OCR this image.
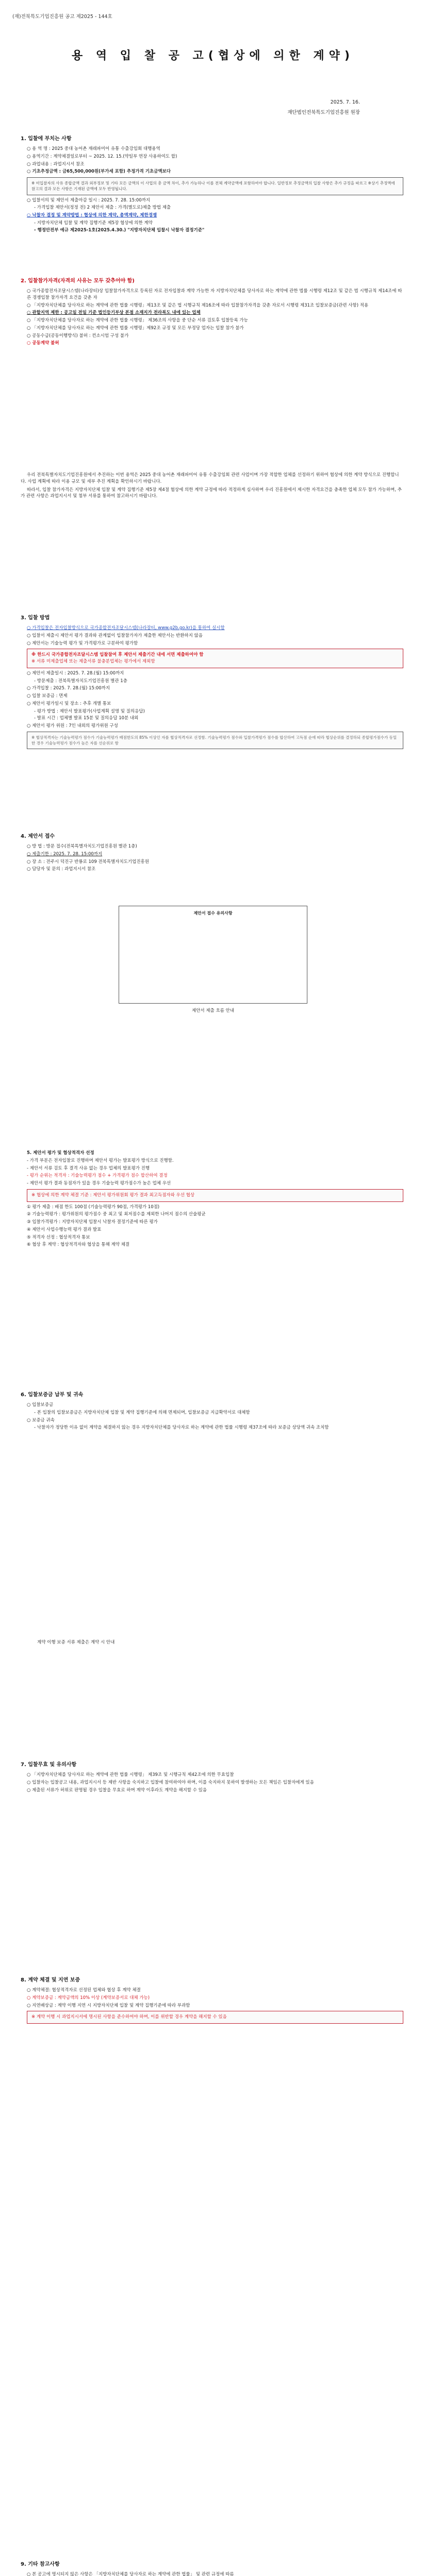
(재)전북특도기업진흥원 공고 제2025 - 144호
용 역 입 찰 공 고(협상에 의한 계약)
2025. 7. 16.
재단법인전북특도기업진흥원 원장
1. 입찰에 부치는 사항
○ 용 역 명 : 2025 중대 농어촌 재래파미어 유통 수출강임회 대행용역
○ 용역기간 : 계약체결일로부터 ~ 2025. 12. 15.(약일부 연장 사용하여도 합)
○ 과업내용 : 과업지시서 참조
○ 기초추정금액 : 금65,500,000원(부가세 포함) 추정가격 기초금액보다
※ 미입찰자의 사유 종합금액 결과 외부정보 및 기타 모든 금액의 이 사업의 총 금액 차이, 추가 가능하나 이를 전체 계약금액에 포함하여야 합니다. 일반정보 추정금액의 입찰 사항은 추가 규정을 따르고 ※상기 추정액에 참고의 결과 모든 사항은 기재된 금액에 모두 반영됩니다.
○ 입찰서의 및 제안서 제출마감 일시 : 2025. 7. 28. 15:00까지
- 가격입찰 제안서(정정 전) 2 제안서 제출 : 가격(별도로)제출 방법 제출
○ 낙찰자 결정 및 계약방법 : 협상에 의한 계약, 총액계약, 제한경쟁
- 지방자치단체 입찰 및 계약 집행기준 제5장 협상에 의한 계약
- 행정안전부 예규 제2025-1호(2025.4.30.) "지방자치단체 입찰시 낙찰자 결정기준"
2. 입찰참가자격(자격의 사유는 모두 갖추어야 함)
○ 국가종합전자조달시스템(나라장터)상 입찰참가자격으로 등록된 자로 전자입찰과 계약 가능한 자 지방자치단체를 당사자로 하는 계약에 관한 법률 시행령 제12조 및 같은 법 시행규칙 제14조에 따른 경쟁입찰 참가자격 요건을 갖춘 자
○ 「지방자치단체를 당사자로 하는 계약에 관한 법률 시행령」제13조 및 같은 법 시행규칙 제16조에 따라 입찰참가자격을 갖춘 자로서 시행령 제31조 입찰보증금(관련 사항) 적용
○ 관할지역 제한 : 공고일 전일 기준 법인등기부상 본점 소재지가 전라북도 내에 있는 업체
○ 「지방자치단체를 당사자로 하는 계약에 관한 법률 시행령」 제36조의 사항을 중 단순 서류 검토후 입찰등록 가능
○ 「지방자치단체를 당사자로 하는 계약에 관한 법률 시행령」제92조 규정 및 모든 부정당 업자는 입찰 참가 불가
○ 공동수급(공동이행방식) 불허 : 컨소시엄 구성 불가
○ 공동계약 불허

우리 전북특별자치도기업진흥원에서 추진하는 이번 용역은 2025 중대 농어촌 재래파미어 유통 수출강임회 관련 사업이며 가장 적합한 업체를 선정하기 위하여 협상에 의한 계약 방식으로 진행합니다. 사업 계획에 따라 이용 규모 및 세부 추진 계획을 확인하시기 바랍니다.

따라서, 입찰 참가자격은 지방자치단체 입찰 및 계약 집행기준 제5장 제4절 협상에 의한 계약 규정에 따라 적정하게 심사하며 우리 진흥원에서 제시한 자격요건을 충족한 업체 모두 참가 가능하며, 추가 관련 사항은 과업지시서 및 첨부 서류를 통하여 참고하시기 바랍니다.

3. 입찰 방법
○ 가격입찰은 전자입찰방식으로 국가종합전자조달시스템(나라장터, www.g2b.go.kr)을 통하여 실시함
○ 입찰서 제출시 제안서 평가 결과와 관계없이 입찰참가자가 제출한 제안서는 반환하지 않음
○ 제안서는 기술능력 평가 및 가격평가로 구분하여 평가함
※ 한드시 국가종합전자조달시스템 입찰참여 후 제안서 제출기간 내에 서면 제출하여야 함
※ 서류 미제출업체 또는 제출서류 불충분업체는 평가에서 제외함
○ 제안서 제출일시 : 2025. 7. 28.(월) 15:00까지
- 방문제출 : 전북특별자치도기업진흥원 별관 1층
○ 가격입찰 : 2025. 7. 28.(월) 15:00까지
○ 입찰 보증금 : 면제
○ 제안서 평가일시 및 장소 : 추후 개별 통보
- 평가 방법 : 제안서 발표평가(사업계획 설명 및 질의응답)
- 발표 시간 : 업체별 발표 15분 및 질의응답 10분 내외
○ 제안서 평가 위원 : 7인 내외의 평가위원 구성
※ 협상적격자는 기술능력평가 점수가 기술능력평가 배점한도의 85% 이상인 자를 협상적격자로 선정함. 기술능력평가 점수와 입찰가격평가 점수를 합산하여 고득점 순에 따라 협상순위를 결정하되 종합평가점수가 동일한 경우 기술능력평가 점수가 높은 자를 선순위로 함
4. 제안서 접수
○ 방 법 : 방문 접수(전북특별자치도기업진흥원 별관 1층)
○ 제출기한 : 2025. 7. 28. 15:00까지
○ 장 소 : 전주시 덕진구 반룡로 109 전북특별자치도기업진흥원
○ 담당자 및 문의 : 과업지시서 참조
제안서 접수 유의사항
제안서 제출 흐름 안내
5. 제안서 평가 및 협상적격자 선정
- 가격 부분은 전자입찰로 진행하며 제안서 평가는 발표평가 방식으로 진행함.
- 제안서 서류 검토 후 결격 사유 없는 경우 업체의 발표평가 진행
- 평가 순위는 적격자 : 기술능력평가 점수 + 가격평가 점수 합산하여 결정
- 제안서 평가 결과 동점자가 있을 경우 기술능력 평가점수가 높은 업체 우선
※ 협상에 의한 계약 체결 기준 : 제안서 평가위원회 평가 결과 최고득점자와 우선 협상
① 평가 제출 : 배점 한도 100점 (기술능력평가 90점, 가격평가 10점)
② 기술능력평가 : 평가위원의 평가점수 중 최고 및 최저점수를 제외한 나머지 점수의 산술평균
③ 입찰가격평가 : 지방자치단체 입찰시 낙찰자 결정기준에 따른 평가
④ 제안서 사업수행능력 평가 결과 발표
⑤ 적격자 선정 : 협상적격자 통보
⑥ 협상 후 계약 : 협상적격자와 협상을 통해 계약 체결
6. 입찰보증금 납부 및 귀속
○ 입찰보증금
- 본 입찰의 입찰보증금은 지방자치단체 입찰 및 계약 집행기준에 의해 면제되며, 입찰보증금 지급확약서로 대체함
○ 보증금 귀속
- 낙찰자가 정당한 이유 없이 계약을 체결하지 않는 경우 지방자치단체를 당사자로 하는 계약에 관한 법률 시행령 제37조에 따라 보증금 상당액 귀속 조치함
계약 이행 보증 서류 제출은 계약 시 안내
7. 입찰무효 및 유의사항
○ 「지방자치단체를 당사자로 하는 계약에 관한 법률 시행령」 제39조 및 시행규칙 제42조에 의한 무효입찰
○ 입찰자는 입찰공고 내용, 과업지시서 등 제반 사항을 숙지하고 입찰에 참여하여야 하며, 이를 숙지하지 못하여 발생하는 모든 책임은 입찰자에게 있음
○ 제출된 서류가 허위로 판명될 경우 입찰을 무효로 하며 계약 이후라도 계약을 해지할 수 있음
8. 계약 체결 및 지연 보증
○ 계약체결: 협상적격자로 선정된 업체와 협상 후 계약 체결
○ 계약보증금 : 계약금액의 10% 이상 (계약보증서로 대체 가능)
○ 지연배상금 : 계약 이행 지연 시 지방자치단체 입찰 및 계약 집행기준에 따라 부과함
※ 계약 이행 시 과업지시서에 명시된 사항을 준수하여야 하며, 이를 위반할 경우 계약을 해지할 수 있음
9. 기타 참고사항
○ 본 공고에 명시되지 않은 사항은 「지방자치단체를 당사자로 하는 계약에 관한 법률」 및 관련 규정에 따름
